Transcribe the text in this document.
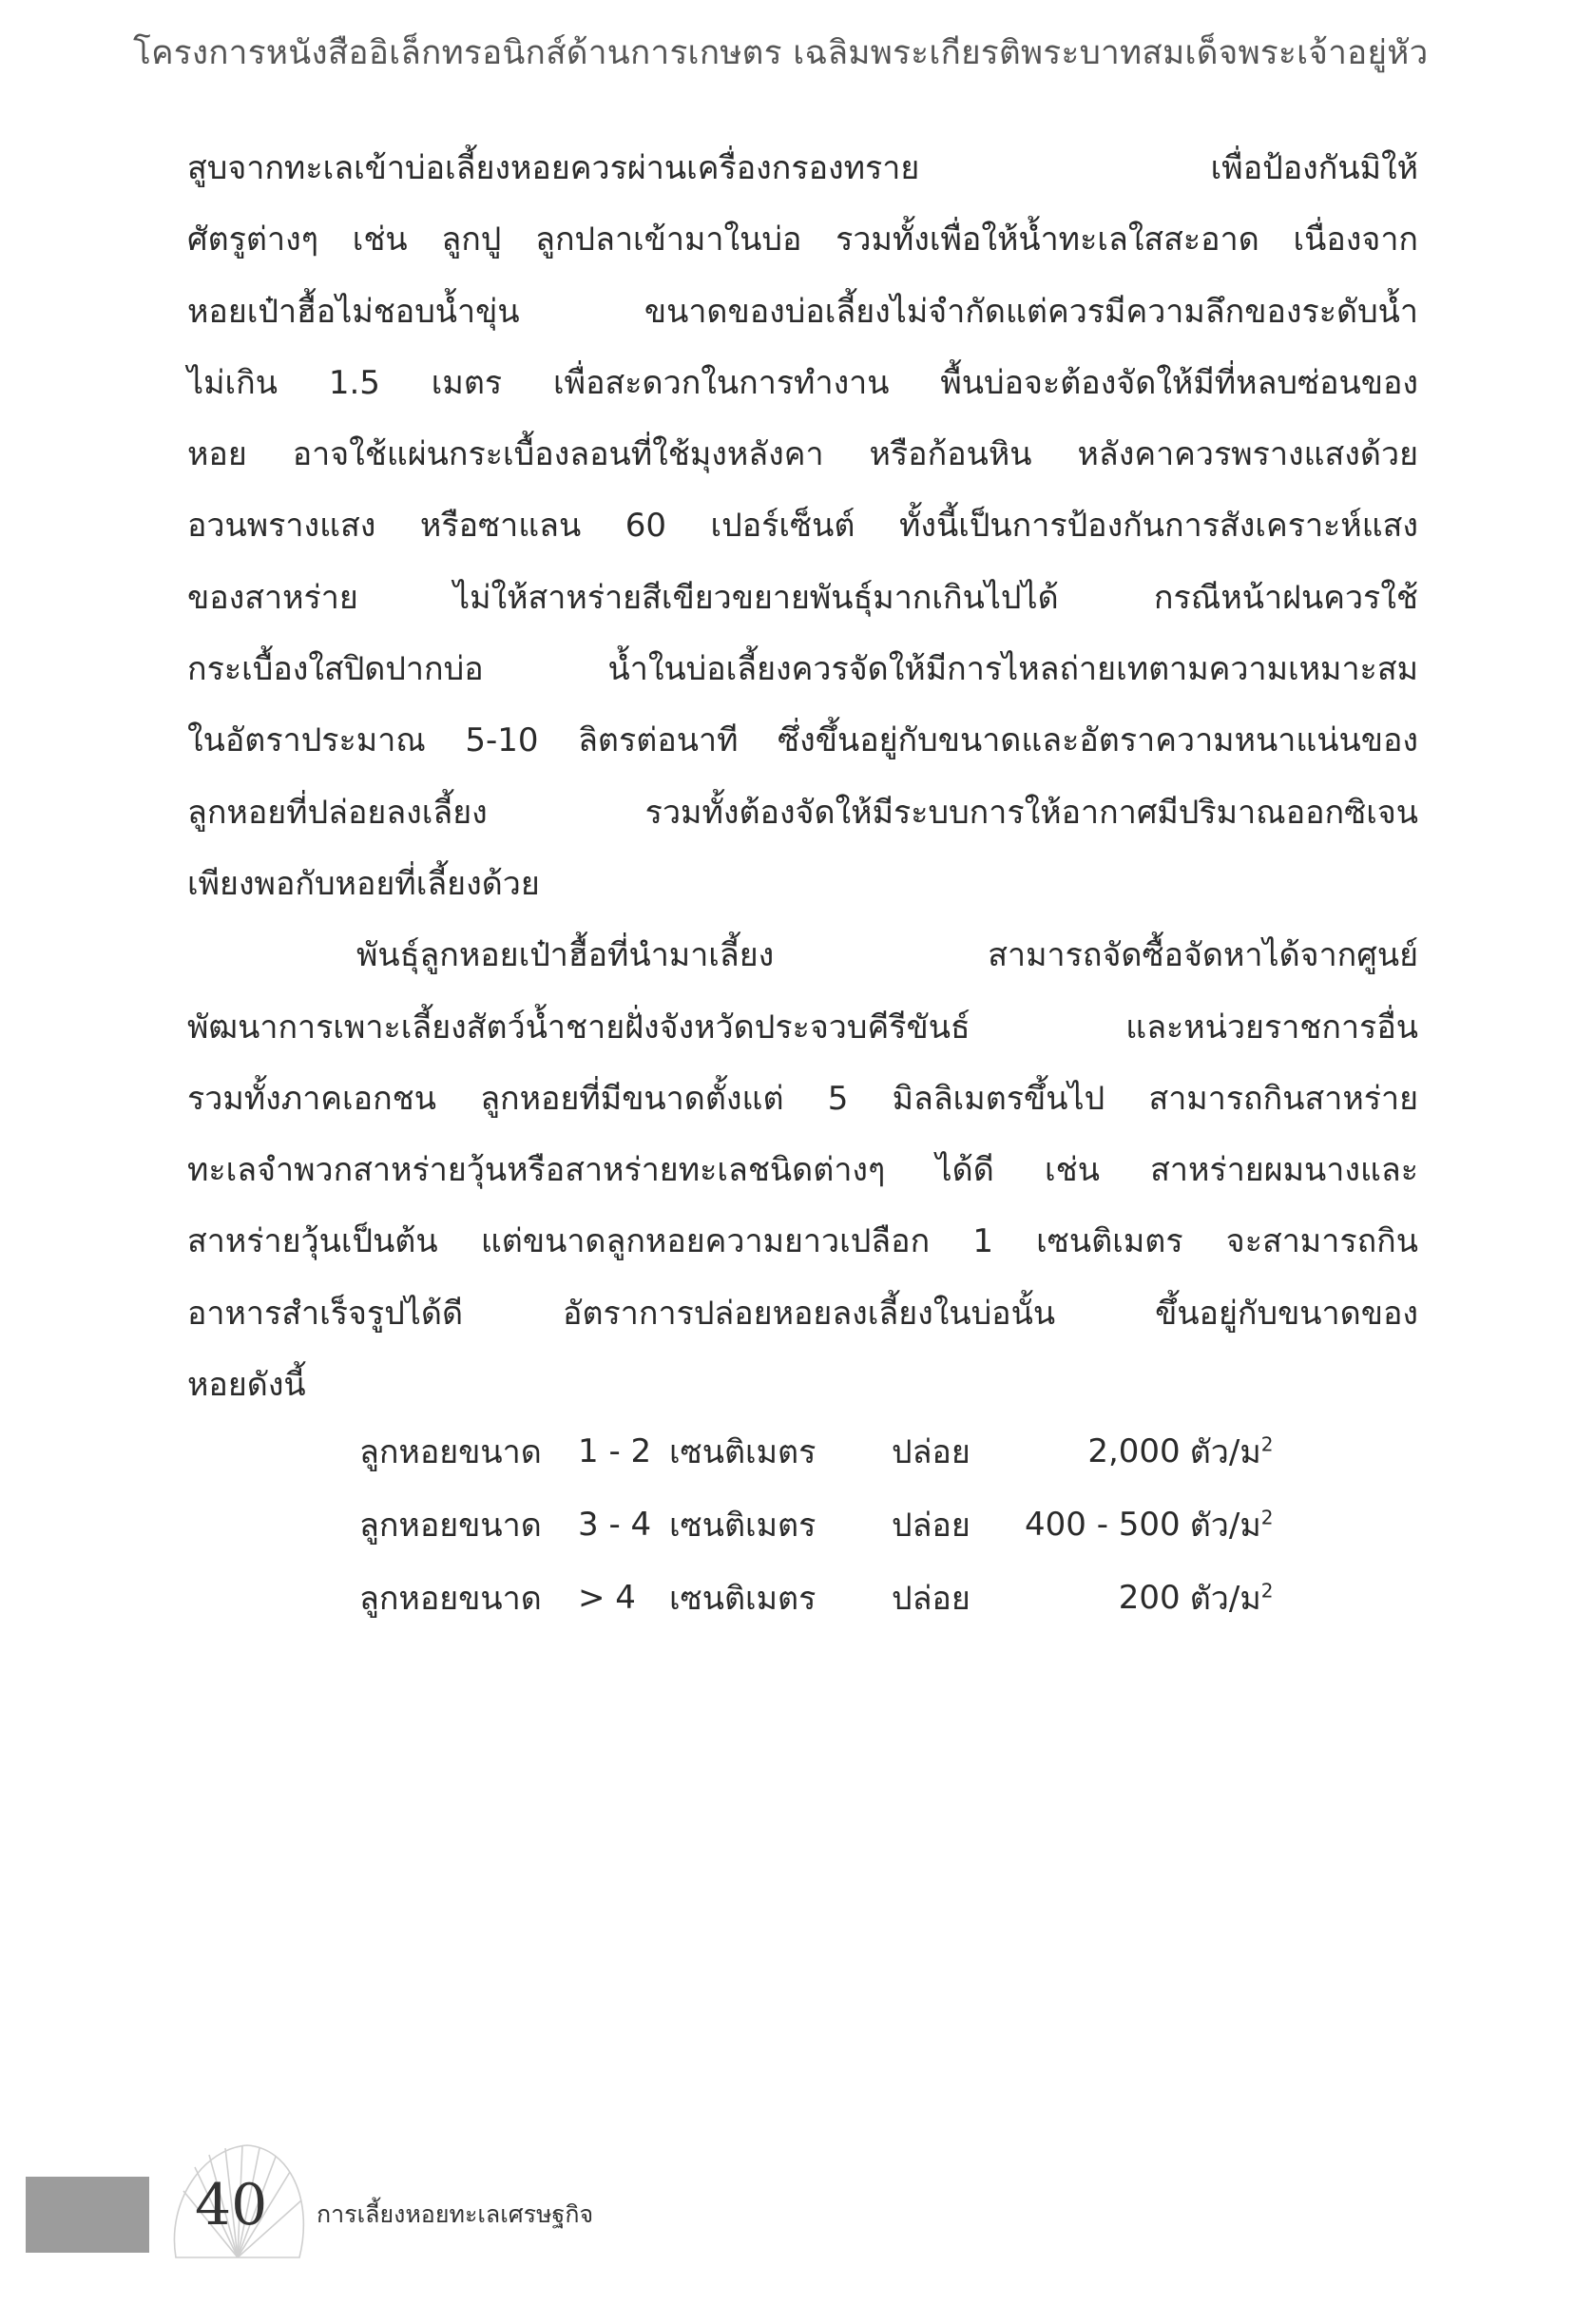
โครงการหนังสืออิเล็กทรอนิกส์ด้านการเกษตร เฉลิมพระเกียรติพระบาทสมเด็จพระเจ้าอยู่หัว
สูบจากทะเลเข้าบ่อเลี้ยงหอยควรผ่านเครื่องกรองทราย เพื่อป้องกันมิให้
ศัตรูต่างๆ เช่น ลูกปู ลูกปลาเข้ามาในบ่อ รวมทั้งเพื่อให้น้ำทะเลใสสะอาด เนื่องจาก
หอยเป๋าฮื้อไม่ชอบน้ำขุ่น ขนาดของบ่อเลี้ยงไม่จำกัดแต่ควรมีความลึกของระดับน้ำ
ไม่เกิน 1.5 เมตร เพื่อสะดวกในการทำงาน พื้นบ่อจะต้องจัดให้มีที่หลบซ่อนของ
หอย อาจใช้แผ่นกระเบื้องลอนที่ใช้มุงหลังคา หรือก้อนหิน หลังคาควรพรางแสงด้วย
อวนพรางแสง หรือซาแลน 60 เปอร์เซ็นต์ ทั้งนี้เป็นการป้องกันการสังเคราะห์แสง
ของสาหร่าย ไม่ให้สาหร่ายสีเขียวขยายพันธุ์มากเกินไปได้ กรณีหน้าฝนควรใช้
กระเบื้องใสปิดปากบ่อ น้ำในบ่อเลี้ยงควรจัดให้มีการไหลถ่ายเทตามความเหมาะสม
ในอัตราประมาณ 5-10 ลิตรต่อนาที ซึ่งขึ้นอยู่กับขนาดและอัตราความหนาแน่นของ
ลูกหอยที่ปล่อยลงเลี้ยง รวมทั้งต้องจัดให้มีระบบการให้อากาศมีปริมาณออกซิเจน
เพียงพอกับหอยที่เลี้ยงด้วย
พันธุ์ลูกหอยเป๋าฮื้อที่นำมาเลี้ยง สามารถจัดซื้อจัดหาได้จากศูนย์
พัฒนาการเพาะเลี้ยงสัตว์น้ำชายฝั่งจังหวัดประจวบคีรีขันธ์ และหน่วยราชการอื่น
รวมทั้งภาคเอกชน ลูกหอยที่มีขนาดตั้งแต่ 5 มิลลิเมตรขึ้นไป สามารถกินสาหร่าย
ทะเลจำพวกสาหร่ายวุ้นหรือสาหร่ายทะเลชนิดต่างๆ ได้ดี เช่น สาหร่ายผมนางและ
สาหร่ายวุ้นเป็นต้น แต่ขนาดลูกหอยความยาวเปลือก 1 เซนติเมตร จะสามารถกิน
อาหารสำเร็จรูปได้ดี อัตราการปล่อยหอยลงเลี้ยงในบ่อนั้น ขึ้นอยู่กับขนาดของ
หอยดังนี้
ลูกหอยขนาด	1 - 2	เซนติเมตร	ปล่อย	2,000	ตัว/ม$^2$
ลูกหอยขนาด	3 - 4	เซนติเมตร	ปล่อย	400 - 500	ตัว/ม$^2$
ลูกหอยขนาด	> 4	เซนติเมตร	ปล่อย	200	ตัว/ม$^2$
40 การเลี้ยงหอยทะเลเศรษฐกิจ
